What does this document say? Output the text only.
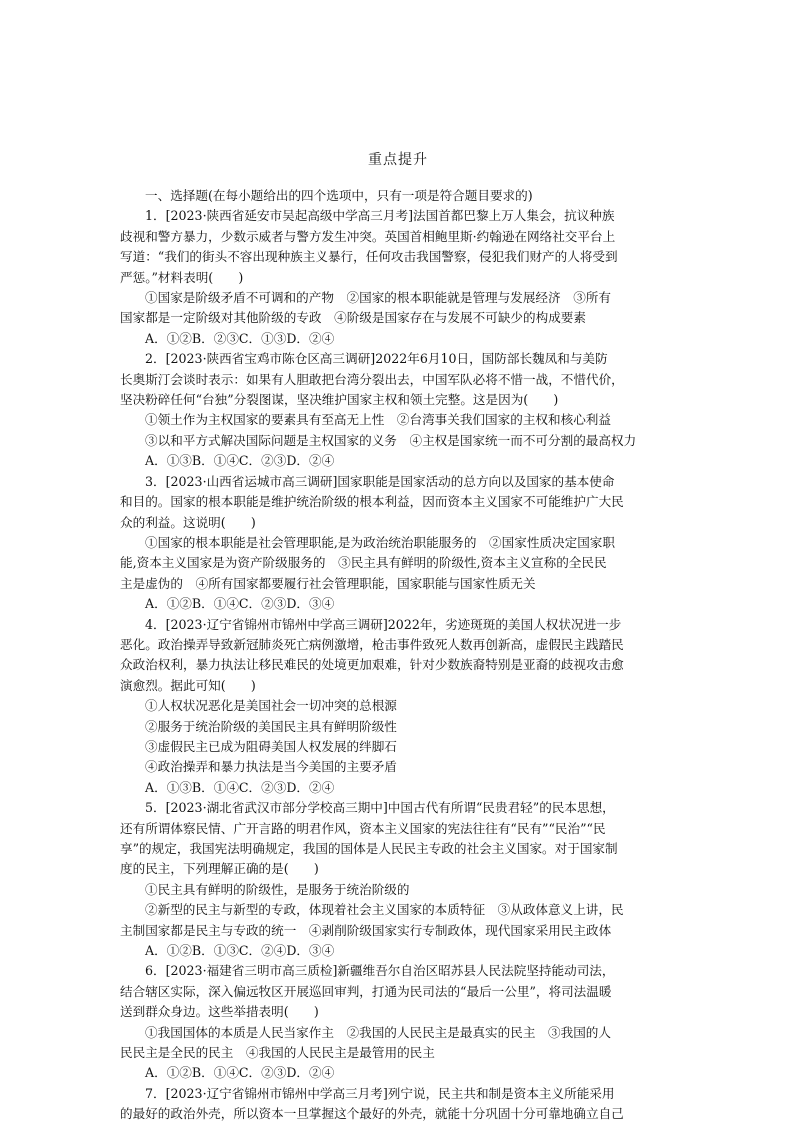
重点提升

一、选择题(在每小题给出的四个选项中，只有一项是符合题目要求的)

1．[2023·陕西省延安市吴起高级中学高三月考]法国首都巴黎上万人集会，抗议种族

歧视和警方暴力，少数示威者与警方发生冲突。英国首相鲍里斯·约翰逊在网络社交平台上

写道：“我们的街头不容出现种族主义暴行，任何攻击我国警察，侵犯我们财产的人将受到

严惩。”材料表明(　　)

①国家是阶级矛盾不可调和的产物　②国家的根本职能就是管理与发展经济　③所有

国家都是一定阶级对其他阶级的专政　④阶级是国家存在与发展不可缺少的构成要素

A．①②B．②③C．①③D．②④

2．[2023·陕西省宝鸡市陈仓区高三调研]2022年6月10日，国防部长魏凤和与美防

长奥斯汀会谈时表示：如果有人胆敢把台湾分裂出去，中国军队必将不惜一战，不惜代价，

坚决粉碎任何“台独”分裂图谋，坚决维护国家主权和领土完整。这是因为(　　)

①领土作为主权国家的要素具有至高无上性　②台湾事关我们国家的主权和核心利益

③以和平方式解决国际问题是主权国家的义务　④主权是国家统一而不可分割的最高权力

A．①③B．①④C．②③D．②④

3．[2023·山西省运城市高三调研]国家职能是国家活动的总方向以及国家的基本使命

和目的。国家的根本职能是维护统治阶级的根本利益，因而资本主义国家不可能维护广大民

众的利益。这说明(　　)

①国家的根本职能是社会管理职能,是为政治统治职能服务的　②国家性质决定国家职

能,资本主义国家是为资产阶级服务的　③民主具有鲜明的阶级性,资本主义宣称的全民民

主是虚伪的　④所有国家都要履行社会管理职能，国家职能与国家性质无关

A．①②B．①④C．②③D．③④

4．[2023·辽宁省锦州市锦州中学高三调研]2022年，劣迹斑斑的美国人权状况进一步

恶化。政治操弄导致新冠肺炎死亡病例激增，枪击事件致死人数再创新高，虚假民主践踏民

众政治权利，暴力执法让移民难民的处境更加艰难，针对少数族裔特别是亚裔的歧视攻击愈

演愈烈。据此可知(　　)

①人权状况恶化是美国社会一切冲突的总根源

②服务于统治阶级的美国民主具有鲜明阶级性

③虚假民主已成为阻碍美国人权发展的绊脚石

④政治操弄和暴力执法是当今美国的主要矛盾

A．①③B．①④C．②③D．②④

5．[2023·湖北省武汉市部分学校高三期中]中国古代有所谓“民贵君轻”的民本思想，

还有所谓体察民情、广开言路的明君作风，资本主义国家的宪法往往有“民有”“民治”“民

享”的规定，我国宪法明确规定，我国的国体是人民民主专政的社会主义国家。对于国家制

度的民主，下列理解正确的是(　　)

①民主具有鲜明的阶级性，是服务于统治阶级的

②新型的民主与新型的专政，体现着社会主义国家的本质特征　③从政体意义上讲，民

主制国家都是民主与专政的统一　④剥削阶级国家实行专制政体，现代国家采用民主政体

A．①②B．①③C．②④D．③④

6．[2023·福建省三明市高三质检]新疆维吾尔自治区昭苏县人民法院坚持能动司法，

结合辖区实际，深入偏远牧区开展巡回审判，打通为民司法的“最后一公里”，将司法温暖

送到群众身边。这些举措表明(　　)

①我国国体的本质是人民当家作主　②我国的人民民主是最真实的民主　③我国的人

民民主是全民的民主　④我国的人民民主是最管用的民主

A．①②B．①④C．②③D．②④

7．[2023·辽宁省锦州市锦州中学高三月考]列宁说，民主共和制是资本主义所能采用

的最好的政治外壳，所以资本一旦掌握这个最好的外壳，就能十分巩固十分可靠地确立自己
